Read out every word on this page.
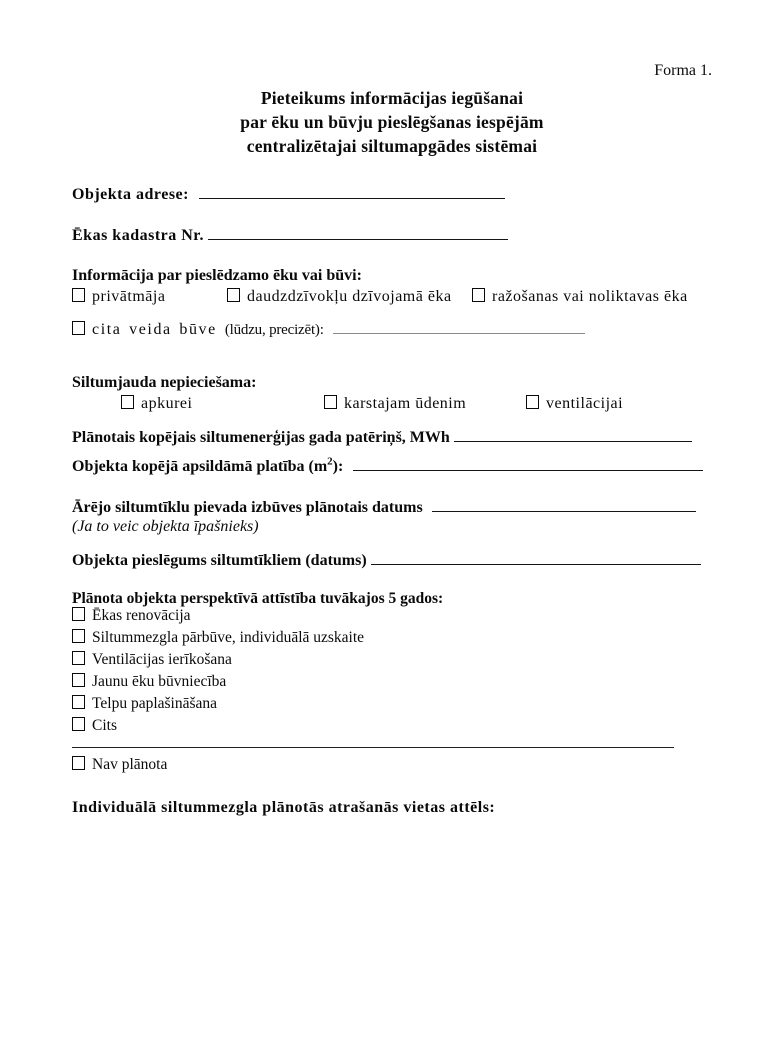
Forma 1.
Pieteikums informācijas iegūšanai
par ēku un būvju pieslēgšanas iespējām
centralizētajai siltumapgādes sistēmai
Objekta adrese:
Ēkas kadastra Nr.
Informācija par pieslēdzamo ēku vai būvi:
privātmāja	daudzdzīvokļu dzīvojamā ēka	ražošanas vai noliktavas ēka
cita veida būve (lūdzu, precizēt):
Siltumjauda nepieciešama:
apkurei	karstajam ūdenim	ventilācijai
Plānotais kopējais siltumenerģijas gada patēriņš, MWh
Objekta kopējā apsildāmā platība $(m^2)$:
Ārējo siltumtīklu pievada izbūves plānotais datums
(Ja to veic objekta īpašnieks)
Objekta pieslēgums siltumtīkliem (datums)
Plānota objekta perspektīvā attīstība tuvākajos 5 gados:
Ēkas renovācija
Siltummezgla pārbūve, individuālā uzskaite
Ventilācijas ierīkošana
Jaunu ēku būvniecība
Telpu paplašināšana
Cits
Nav plānota
Individuālā siltummezgla plānotās atrašanās vietas attēls:
